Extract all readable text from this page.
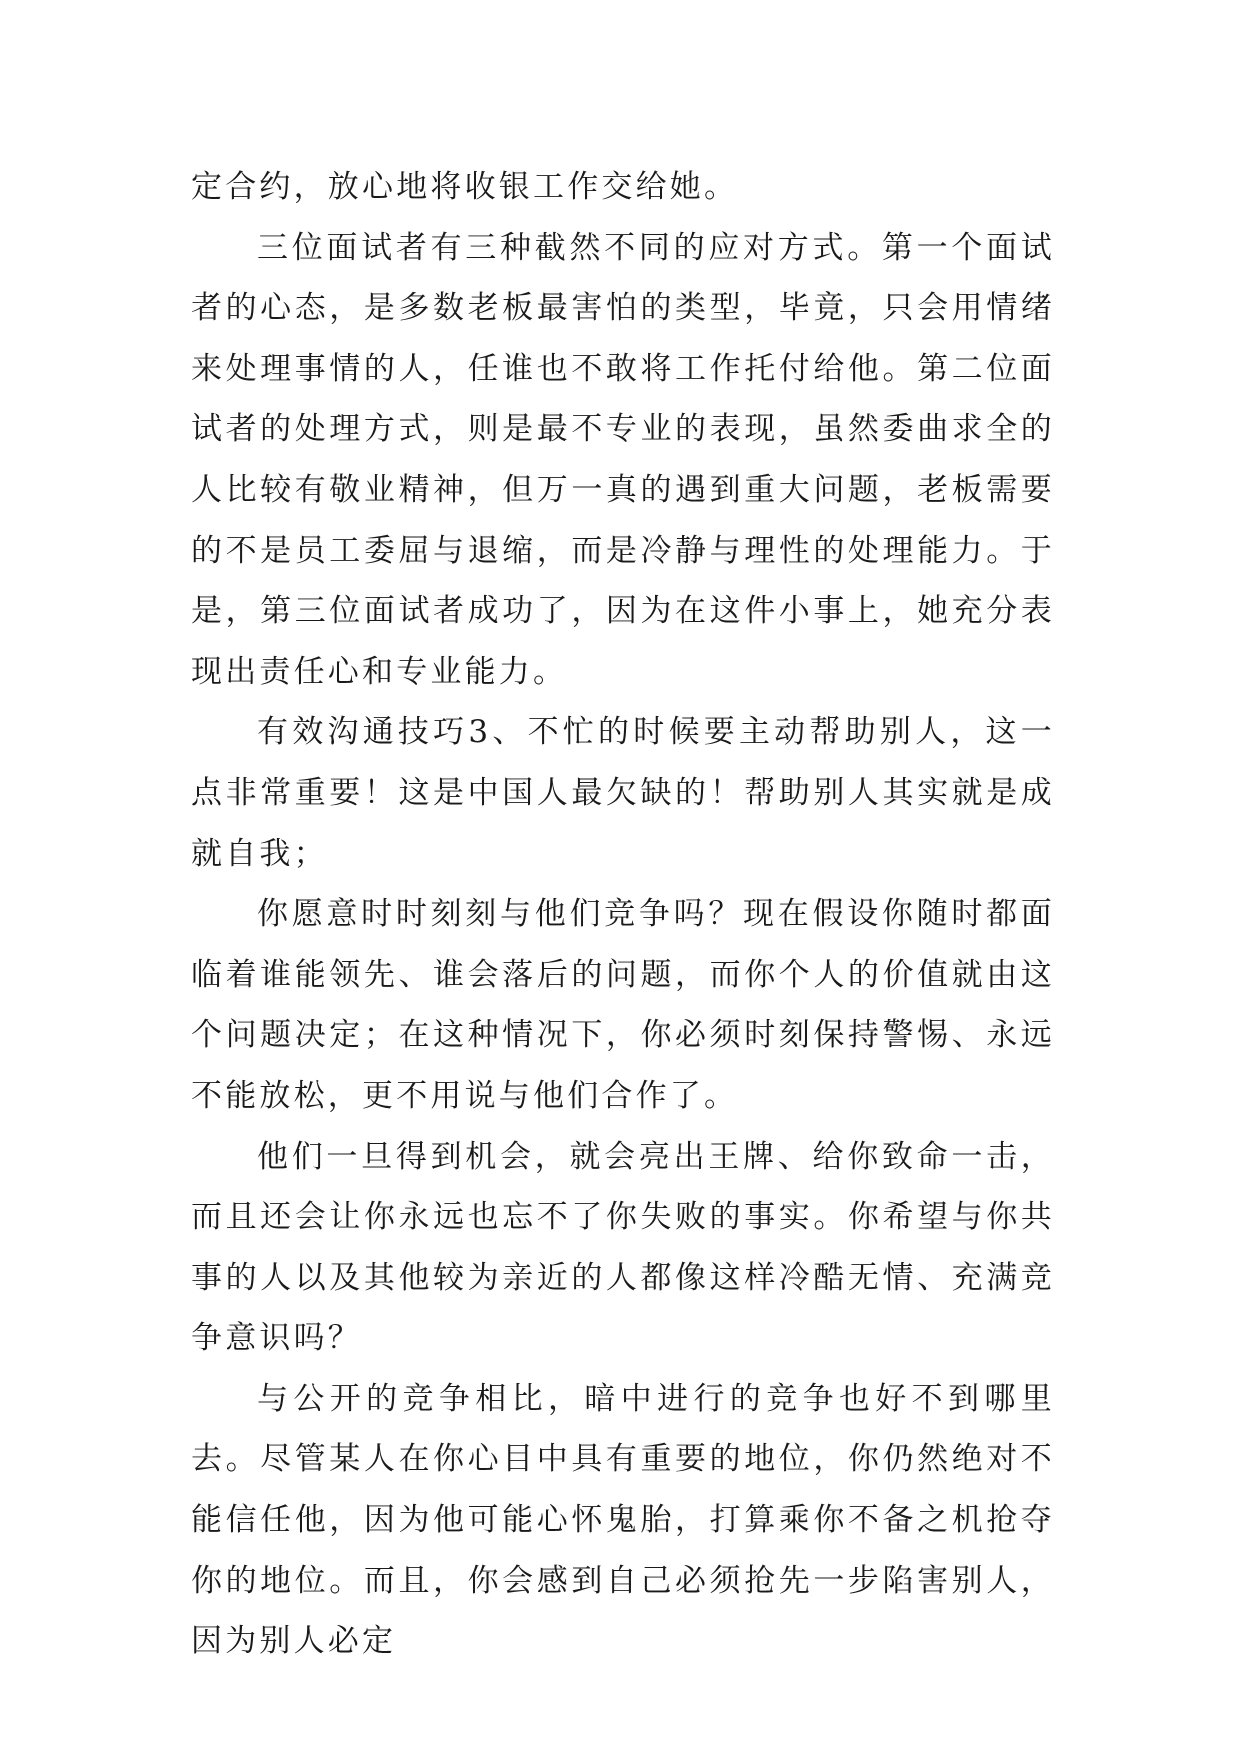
定合约，放心地将收银工作交给她。

三位面试者有三种截然不同的应对方式。第一个面试者的心态，是多数老板最害怕的类型，毕竟，只会用情绪来处理事情的人，任谁也不敢将工作托付给他。第二位面试者的处理方式，则是最不专业的表现，虽然委曲求全的人比较有敬业精神，但万一真的遇到重大问题，老板需要的不是员工委屈与退缩，而是冷静与理性的处理能力。于是，第三位面试者成功了，因为在这件小事上，她充分表现出责任心和专业能力。

有效沟通技巧3、不忙的时候要主动帮助别人，这一点非常重要！这是中国人最欠缺的！帮助别人其实就是成就自我；

你愿意时时刻刻与他们竞争吗？现在假设你随时都面临着谁能领先、谁会落后的问题，而你个人的价值就由这个问题决定；在这种情况下，你必须时刻保持警惕、永远不能放松，更不用说与他们合作了。

他们一旦得到机会，就会亮出王牌、给你致命一击，而且还会让你永远也忘不了你失败的事实。你希望与你共事的人以及其他较为亲近的人都像这样冷酷无情、充满竞争意识吗？

与公开的竞争相比，暗中进行的竞争也好不到哪里去。尽管某人在你心目中具有重要的地位，你仍然绝对不能信任他，因为他可能心怀鬼胎，打算乘你不备之机抢夺你的地位。而且，你会感到自己必须抢先一步陷害别人，因为别人必定
